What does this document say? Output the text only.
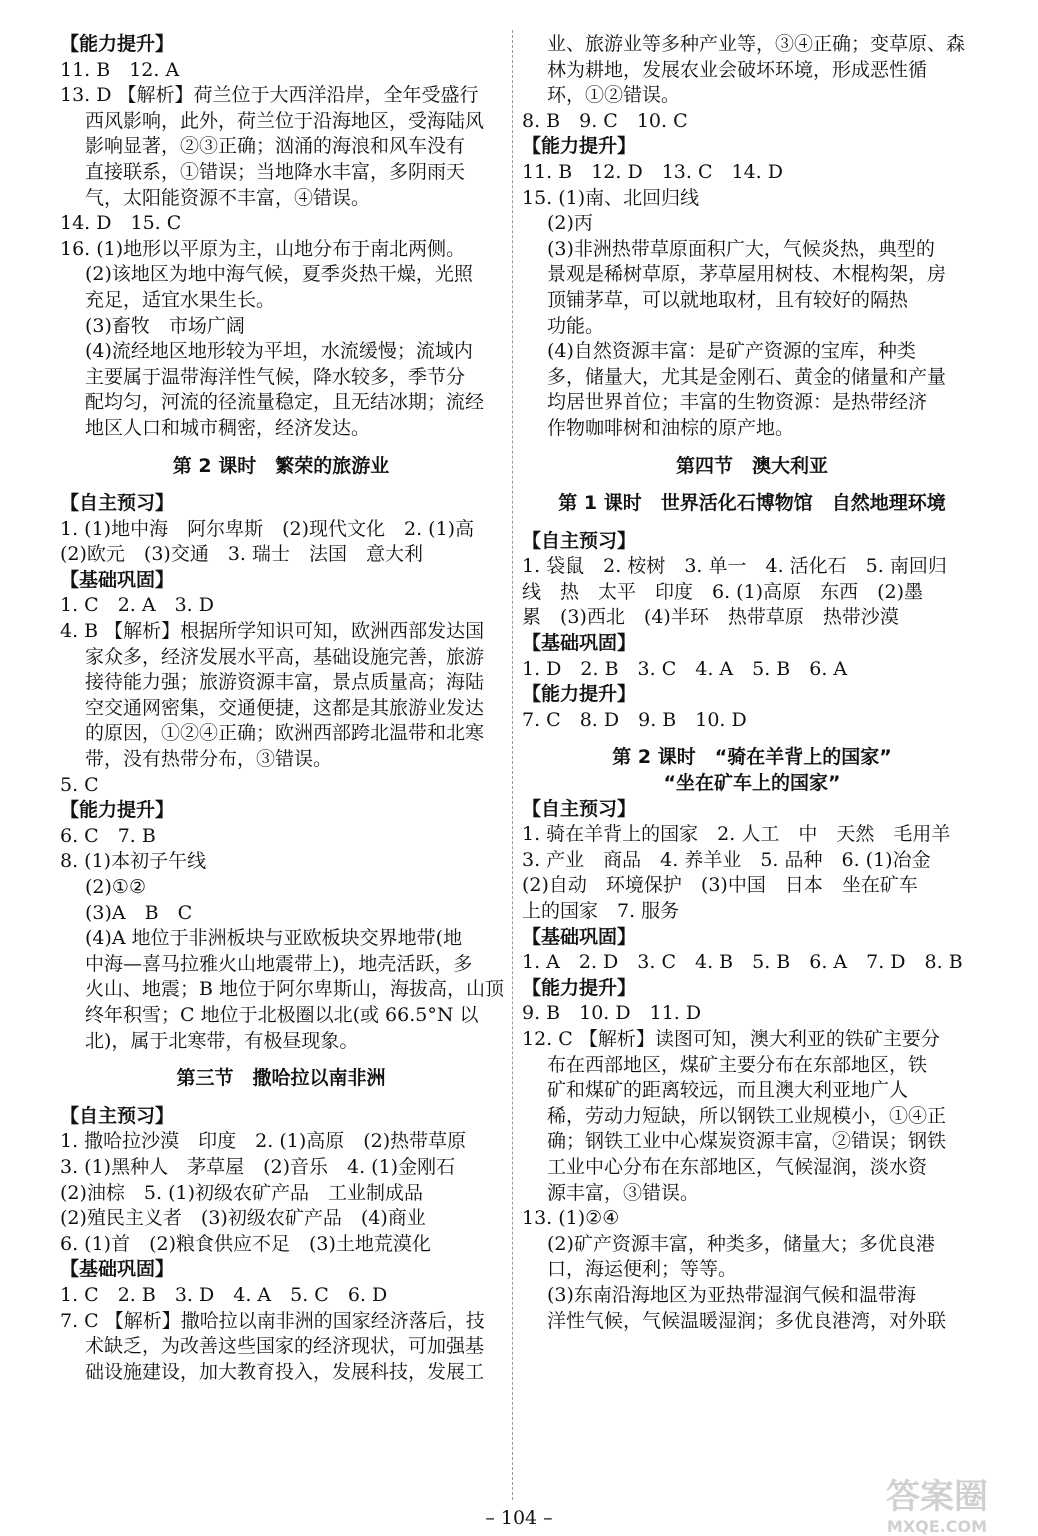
【能力提升】
11. B　12. A
13. D 【解析】荷兰位于大西洋沿岸，全年受盛行
西风影响，此外，荷兰位于沿海地区，受海陆风
影响显著，②③正确；汹涌的海浪和风车没有
直接联系，①错误；当地降水丰富，多阴雨天
气，太阳能资源不丰富，④错误。
14. D　15. C
16. (1)地形以平原为主，山地分布于南北两侧。
(2)该地区为地中海气候，夏季炎热干燥，光照
充足，适宜水果生长。
(3)畜牧　市场广阔
(4)流经地区地形较为平坦，水流缓慢；流域内
主要属于温带海洋性气候，降水较多，季节分
配均匀，河流的径流量稳定，且无结冰期；流经
地区人口和城市稠密，经济发达。
第 2 课时　繁荣的旅游业
【自主预习】
1. (1)地中海　阿尔卑斯　(2)现代文化　2. (1)高
(2)欧元　(3)交通　3. 瑞士　法国　意大利
【基础巩固】
1. C　2. A　3. D
4. B 【解析】根据所学知识可知，欧洲西部发达国
家众多，经济发展水平高，基础设施完善，旅游
接待能力强；旅游资源丰富，景点质量高；海陆
空交通网密集，交通便捷，这都是其旅游业发达
的原因，①②④正确；欧洲西部跨北温带和北寒
带，没有热带分布，③错误。
5. C
【能力提升】
6. C　7. B
8. (1)本初子午线
(2)①②
(3)A　B　C
(4)A 地位于非洲板块与亚欧板块交界地带(地
中海—喜马拉雅火山地震带上)，地壳活跃，多
火山、地震；B 地位于阿尔卑斯山，海拔高，山顶
终年积雪；C 地位于北极圈以北(或 66.5°N 以
北)，属于北寒带，有极昼现象。
第三节　撒哈拉以南非洲
【自主预习】
1. 撒哈拉沙漠　印度　2. (1)高原　(2)热带草原
3. (1)黑种人　茅草屋　(2)音乐　4. (1)金刚石
(2)油棕　5. (1)初级农矿产品　工业制成品
(2)殖民主义者　(3)初级农矿产品　(4)商业
6. (1)首　(2)粮食供应不足　(3)土地荒漠化
【基础巩固】
1. C　2. B　3. D　4. A　5. C　6. D
7. C 【解析】撒哈拉以南非洲的国家经济落后，技
术缺乏，为改善这些国家的经济现状，可加强基
础设施建设，加大教育投入，发展科技，发展工
业、旅游业等多种产业等，③④正确；变草原、森
林为耕地，发展农业会破坏环境，形成恶性循
环，①②错误。
8. B　9. C　10. C
【能力提升】
11. B　12. D　13. C　14. D
15. (1)南、北回归线
(2)丙
(3)非洲热带草原面积广大，气候炎热，典型的
景观是稀树草原，茅草屋用树枝、木棍构架，房
顶铺茅草，可以就地取材，且有较好的隔热
功能。
(4)自然资源丰富：是矿产资源的宝库，种类
多，储量大，尤其是金刚石、黄金的储量和产量
均居世界首位；丰富的生物资源：是热带经济
作物咖啡树和油棕的原产地。
第四节　澳大利亚
第 1 课时　世界活化石博物馆　自然地理环境
【自主预习】
1. 袋鼠　2. 桉树　3. 单一　4. 活化石　5. 南回归
线　热　太平　印度　6. (1)高原　东西　(2)墨
累　(3)西北　(4)半环　热带草原　热带沙漠
【基础巩固】
1. D　2. B　3. C　4. A　5. B　6. A
【能力提升】
7. C　8. D　9. B　10. D
第 2 课时　“骑在羊背上的国家”
“坐在矿车上的国家”
【自主预习】
1. 骑在羊背上的国家　2. 人工　中　天然　毛用羊
3. 产业　商品　4. 养羊业　5. 品种　6. (1)冶金
(2)自动　环境保护　(3)中国　日本　坐在矿车
上的国家　7. 服务
【基础巩固】
1. A　2. D　3. C　4. B　5. B　6. A　7. D　8. B
【能力提升】
9. B　10. D　11. D
12. C 【解析】读图可知，澳大利亚的铁矿主要分
布在西部地区，煤矿主要分布在东部地区，铁
矿和煤矿的距离较远，而且澳大利亚地广人
稀，劳动力短缺，所以钢铁工业规模小，①④正
确；钢铁工业中心煤炭资源丰富，②错误；钢铁
工业中心分布在东部地区，气候湿润，淡水资
源丰富，③错误。
13. (1)②④
(2)矿产资源丰富，种类多，储量大；多优良港
口，海运便利；等等。
(3)东南沿海地区为亚热带湿润气候和温带海
洋性气候，气候温暖湿润；多优良港湾，对外联
– 104 –
答案圈
MXQE.COM
